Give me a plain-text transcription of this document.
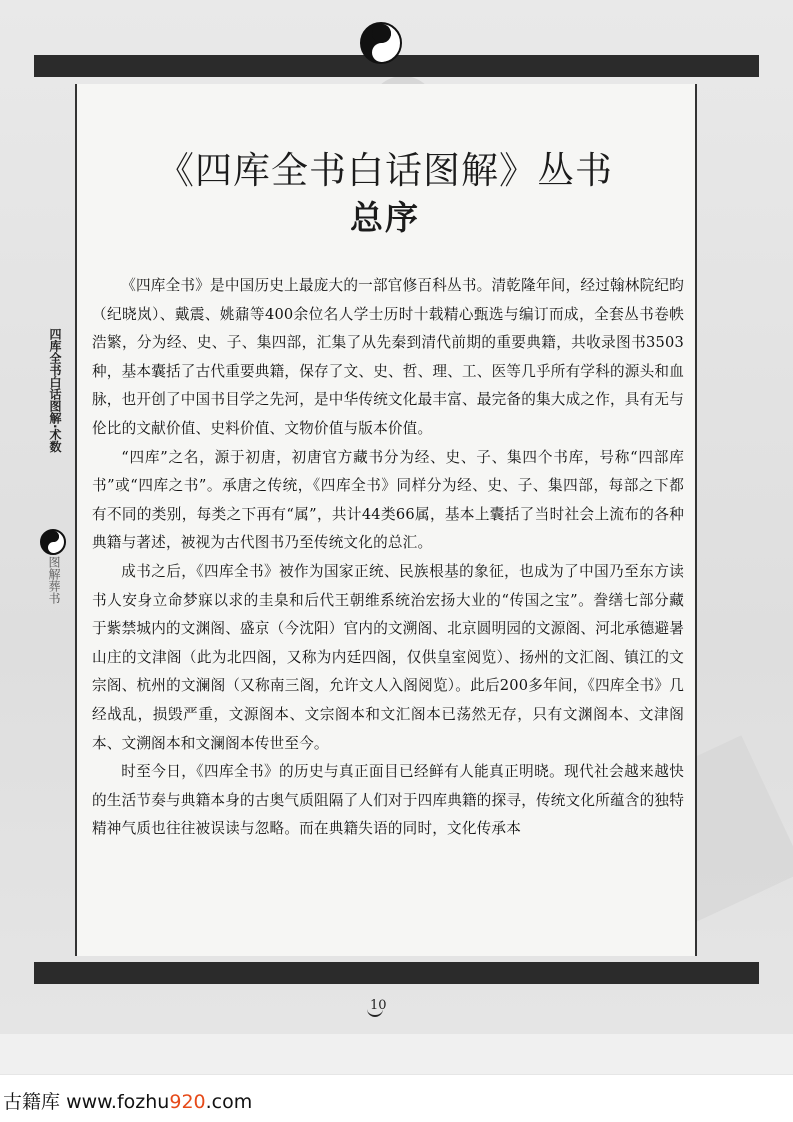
《四库全书白话图解》丛书
总序
四库全书白话图解·术数
图解葬书

《四库全书》是中国历史上最庞大的一部官修百科丛书。清乾隆年间，经过翰林院纪昀（纪晓岚）、戴震、姚鼐等400余位名人学士历时十载精心甄选与编订而成，全套丛书卷帙浩繁，分为经、史、子、集四部，汇集了从先秦到清代前期的重要典籍，共收录图书3503种，基本囊括了古代重要典籍，保存了文、史、哲、理、工、医等几乎所有学科的源头和血脉，也开创了中国书目学之先河，是中华传统文化最丰富、最完备的集大成之作，具有无与伦比的文献价值、史料价值、文物价值与版本价值。

“四库”之名，源于初唐，初唐官方藏书分为经、史、子、集四个书库，号称“四部库书”或“四库之书”。承唐之传统，《四库全书》同样分为经、史、子、集四部，每部之下都有不同的类别，每类之下再有“属”，共计44类66属，基本上囊括了当时社会上流布的各种典籍与著述，被视为古代图书乃至传统文化的总汇。

成书之后，《四库全书》被作为国家正统、民族根基的象征，也成为了中国乃至东方读书人安身立命梦寐以求的圭臬和后代王朝维系统治宏扬大业的“传国之宝”。誊缮七部分藏于紫禁城内的文渊阁、盛京（今沈阳）官内的文溯阁、北京圆明园的文源阁、河北承德避暑山庄的文津阁（此为北四阁，又称为内廷四阁，仅供皇室阅览）、扬州的文汇阁、镇江的文宗阁、杭州的文澜阁（又称南三阁，允许文人入阁阅览）。此后200多年间，《四库全书》几经战乱，损毁严重，文源阁本、文宗阁本和文汇阁本已荡然无存，只有文渊阁本、文津阁本、文溯阁本和文澜阁本传世至今。

时至今日，《四库全书》的历史与真正面目已经鲜有人能真正明晓。现代社会越来越快的生活节奏与典籍本身的古奥气质阻隔了人们对于四库典籍的探寻，传统文化所蕴含的独特精神气质也往往被误读与忽略。而在典籍失语的同时，文化传承本

10
古籍库 www.fozhu920.com
